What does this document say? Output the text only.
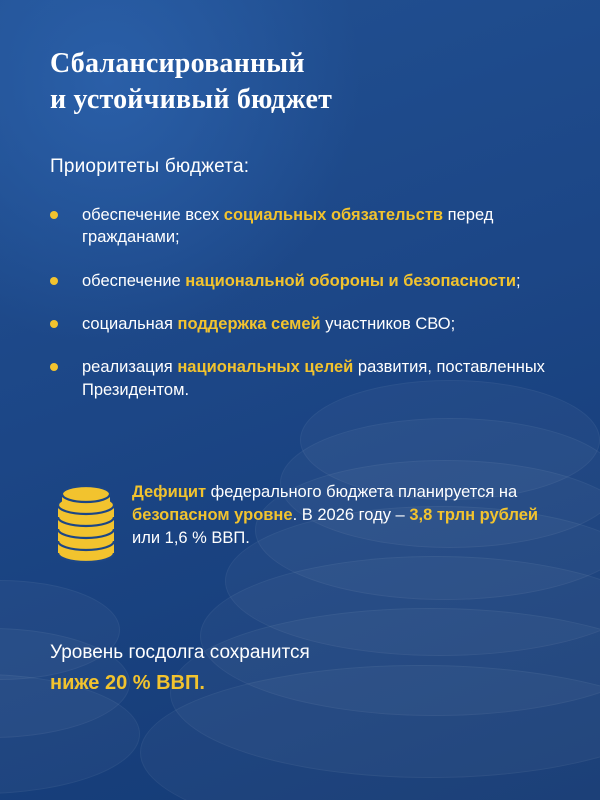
Сбалансированный
и устойчивый бюджет
Приоритеты бюджета:
обеспечение всех социальных обязательств перед гражданами;
обеспечение национальной обороны и безопасности;
социальная поддержка семей участников СВО;
реализация национальных целей развития, поставленных Президентом.
Дефицит федерального бюджета планируется на безопасном уровне. В 2026 году – 3,8 трлн рублей или 1,6 % ВВП.
Уровень госдолга сохранится
ниже 20 % ВВП.
